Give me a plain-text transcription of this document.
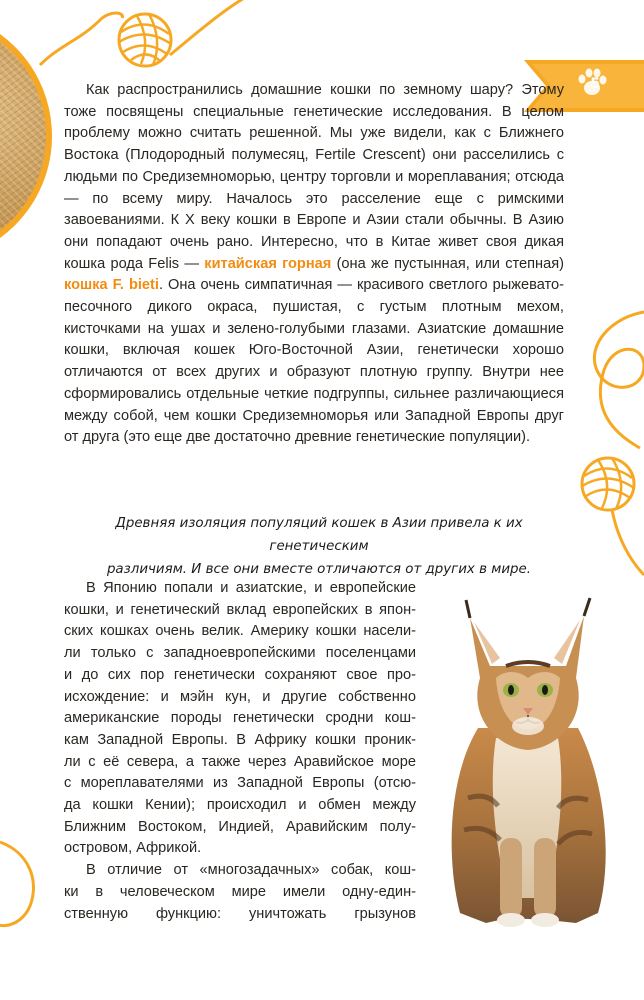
5
Как распространились домашние кошки по земному шару? Этому тоже посвящены специальные генетические исследования. В целом проблему можно считать решенной. Мы уже видели, как с Ближнего Востока (Плодородный полумесяц, Fertile Crescent) они расселились с людьми по Средиземноморью, центру торговли и мореплавания; отсюда — по всему миру. Началось это расселение еще с римскими завоеваниями. К X веку кошки в Европе и Азии стали обычны. В Азию они попадают очень рано. Интересно, что в Китае живет своя дикая кошка рода Felis — китайская горная (она же пустынная, или степная) кошка F. bieti. Она очень симпатичная — красивого светлого рыжевато-песочного дикого окраса, пушистая, с густым плотным мехом, кисточками на ушах и зелено-голубыми глазами. Азиатские домашние кошки, включая кошек Юго-Восточной Азии, генетически хорошо отличаются от всех других и образуют плотную группу. Внутри нее сформировались отдельные четкие подгруппы, сильнее различающиеся между собой, чем кошки Средиземноморья или Западной Европы друг от друга (это еще две достаточно древние генетические популяции).
Древняя изоляция популяций кошек в Азии привела к их генетическим
различиям. И все они вместе отличаются от других в мире.
В Японию попали и азиатские, и европейские
кошки, и генетический вклад европейских в япон-
ских кошках очень велик. Америку кошки насели-
ли только с западноевропейскими поселенцами
и до сих пор генетически сохраняют свое про-
исхождение: и мэйн кун, и другие собственно
американские породы генетически сродни кош-
кам Западной Европы. В Африку кошки проник-
ли с её севера, а также через Аравийское море
с мореплавателями из Западной Европы (отсю-
да кошки Кении); происходил и обмен между
Ближним Востоком, Индией, Аравийским полу-
островом, Африкой.
В отличие от «многозадачных» собак, кош-
ки в человеческом мире имели одну-един-
ственную функцию: уничтожать грызунов
